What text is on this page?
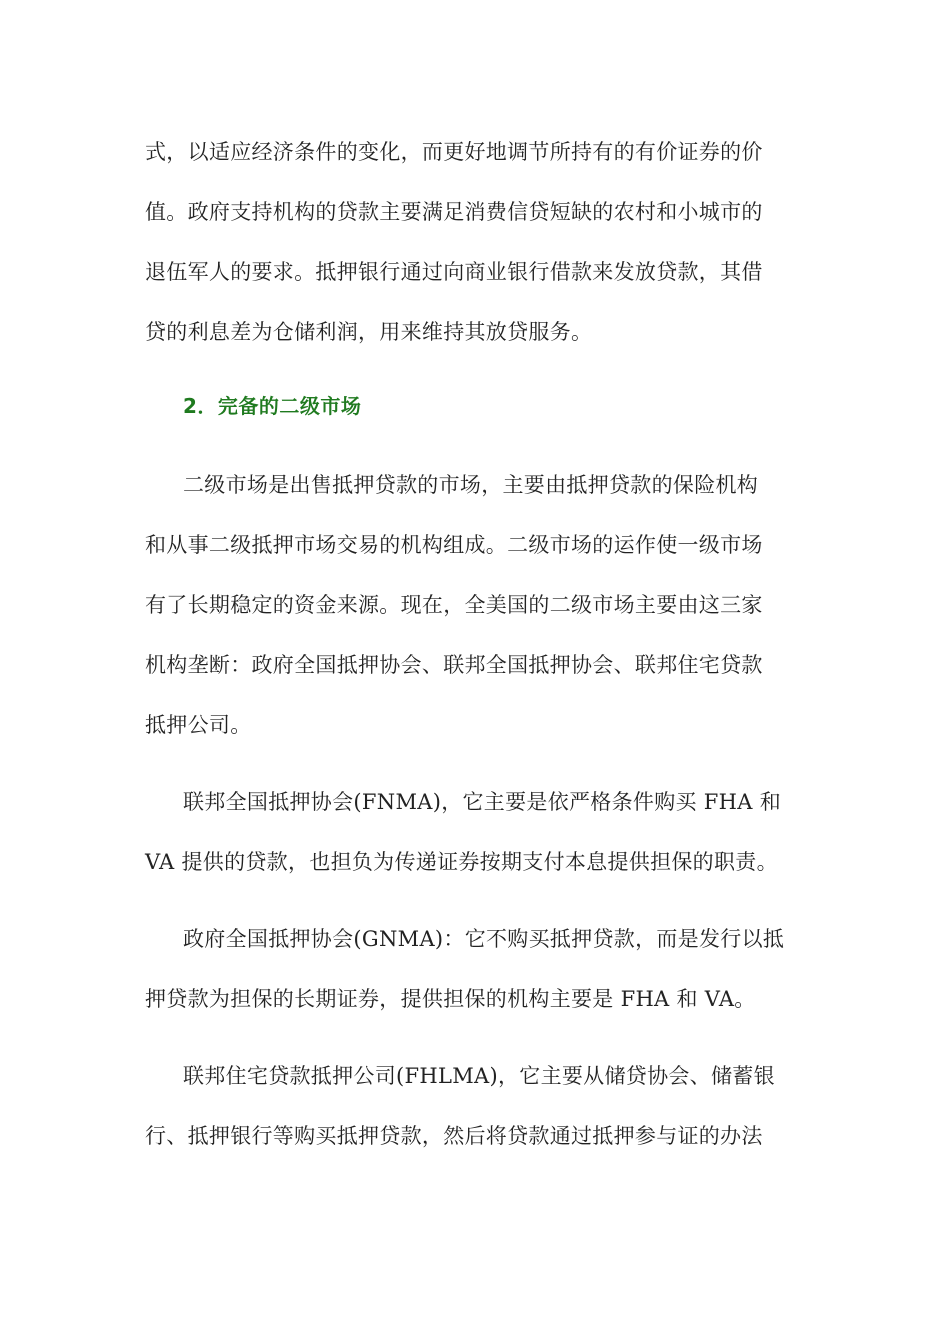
式，以适应经济条件的变化，而更好地调节所持有的有价证券的价
值。政府支持机构的贷款主要满足消费信贷短缺的农村和小城市的
退伍军人的要求。抵押银行通过向商业银行借款来发放贷款，其借
贷的利息差为仓储利润，用来维持其放贷服务。
2．完备的二级市场
二级市场是出售抵押贷款的市场，主要由抵押贷款的保险机构
和从事二级抵押市场交易的机构组成。二级市场的运作使一级市场
有了长期稳定的资金来源。现在，全美国的二级市场主要由这三家
机构垄断：政府全国抵押协会、联邦全国抵押协会、联邦住宅贷款
抵押公司。
联邦全国抵押协会(FNMA)，它主要是依严格条件购买 FHA 和
VA 提供的贷款，也担负为传递证券按期支付本息提供担保的职责。
政府全国抵押协会(GNMA)：它不购买抵押贷款，而是发行以抵
押贷款为担保的长期证券，提供担保的机构主要是 FHA 和 VA。
联邦住宅贷款抵押公司(FHLMA)，它主要从储贷协会、储蓄银
行、抵押银行等购买抵押贷款，然后将贷款通过抵押参与证的办法
